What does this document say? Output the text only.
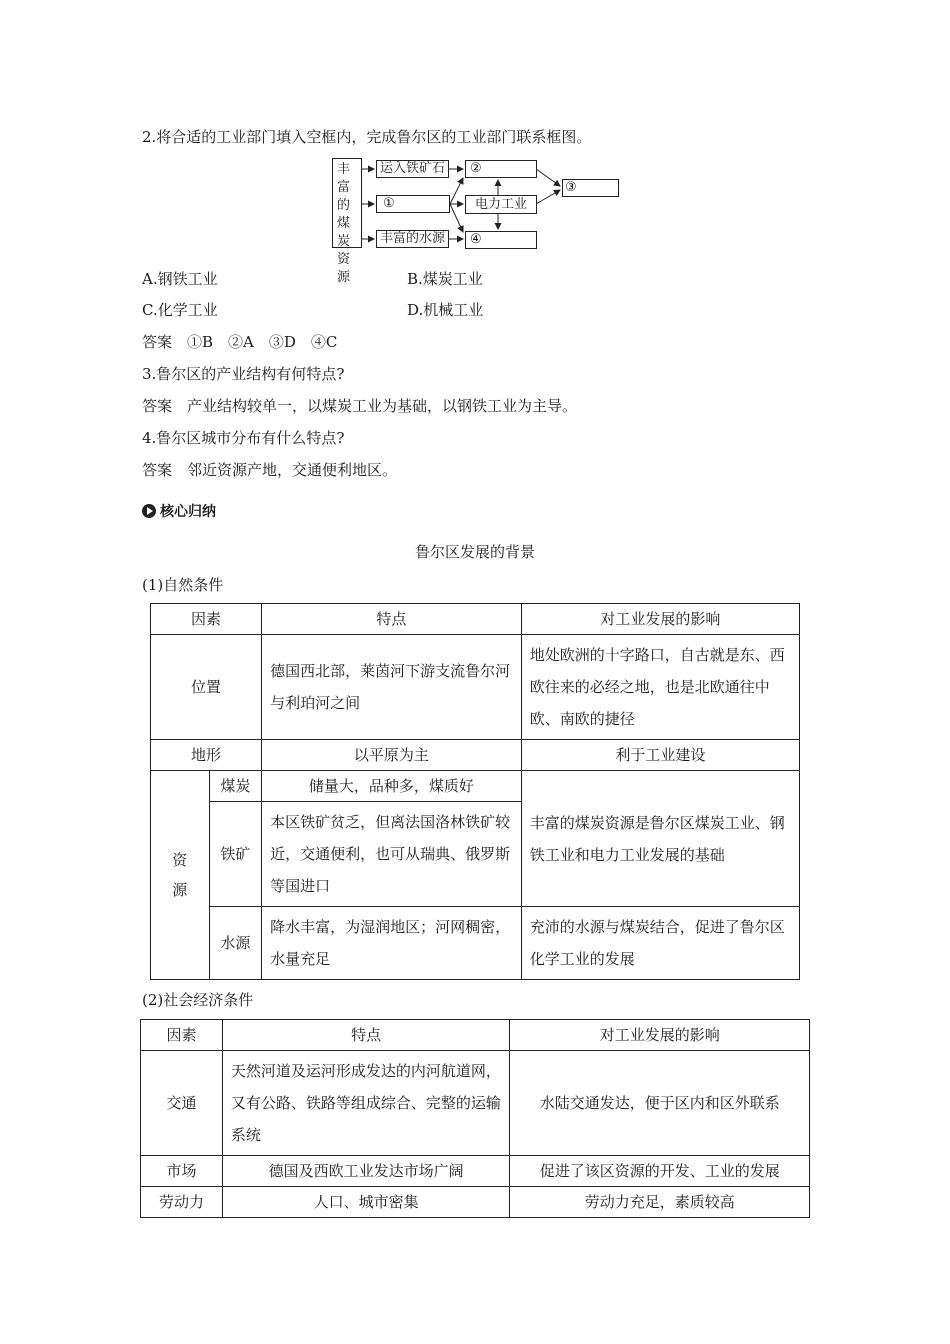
2.将合适的工业部门填入空框内，完成鲁尔区的工业部门联系框图。
丰富的煤炭资源
运入铁矿石
①
丰富的水源
②
电力工业
④
③
A.钢铁工业	B.煤炭工业
C.化学工业	D.机械工业
答案　①B　②A　③D　④C
3.鲁尔区的产业结构有何特点?
答案　产业结构较单一，以煤炭工业为基础，以钢铁工业为主导。
4.鲁尔区城市分布有什么特点?
答案　邻近资源产地，交通便利地区。
核心归纳
鲁尔区发展的背景
(1)自然条件
因素		特点	对工业发展的影响
位置		德国西北部，莱茵河下游支流鲁尔河与利珀河之间	地处欧洲的十字路口，自古就是东、西欧往来的必经之地，也是北欧通往中欧、南欧的捷径
地形		以平原为主	利于工业建设
资源	煤炭	储量大，品种多，煤质好	丰富的煤炭资源是鲁尔区煤炭工业、钢铁工业和电力工业发展的基础
	铁矿	本区铁矿贫乏，但离法国洛林铁矿较近，交通便利，也可从瑞典、俄罗斯等国进口	
	水源	降水丰富，为湿润地区；河网稠密，水量充足	充沛的水源与煤炭结合，促进了鲁尔区化学工业的发展
(2)社会经济条件
因素	特点	对工业发展的影响
交通	天然河道及运河形成发达的内河航道网，又有公路、铁路等组成综合、完整的运输系统	水陆交通发达，便于区内和区外联系
市场	德国及西欧工业发达市场广阔	促进了该区资源的开发、工业的发展
劳动力	人口、城市密集	劳动力充足，素质较高
